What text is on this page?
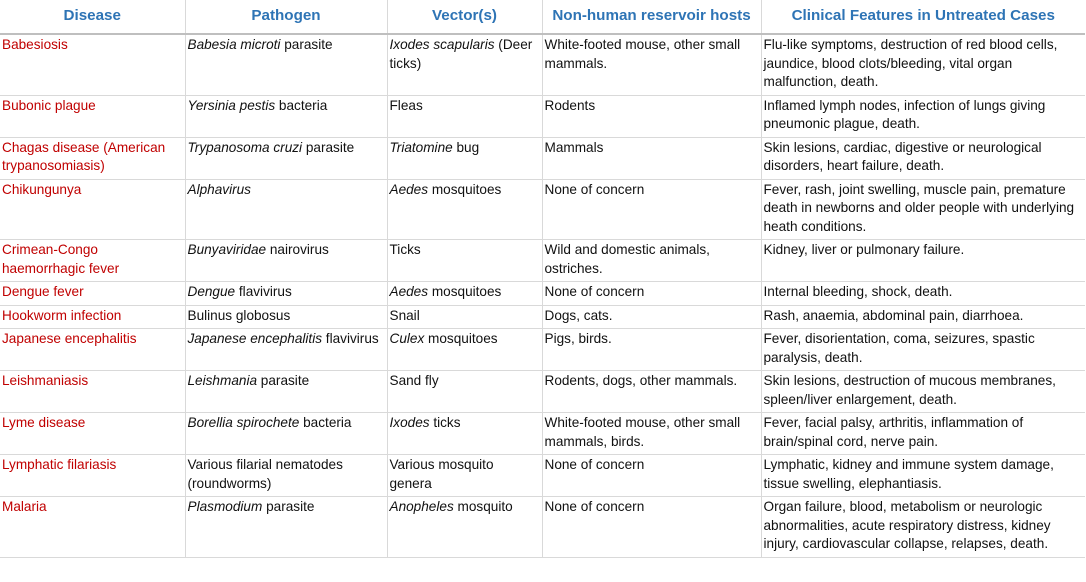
Disease	Pathogen	Vector(s)	Non-human reservoir hosts	Clinical Features in Untreated Cases
Babesiosis	Babesia microti parasite	Ixodes scapularis (Deer ticks)	White-footed mouse, other small mammals.	Flu-like symptoms, destruction of red blood cells, jaundice, blood clots/bleeding, vital organ malfunction, death.
Bubonic plague	Yersinia pestis bacteria	Fleas	Rodents	Inflamed lymph nodes, infection of lungs giving pneumonic plague, death.
Chagas disease (American trypanosomiasis)	Trypanosoma cruzi parasite	Triatomine bug	Mammals	Skin lesions, cardiac, digestive or neurological disorders, heart failure, death.
Chikungunya	Alphavirus	Aedes mosquitoes	None of concern	Fever, rash, joint swelling, muscle pain, premature death in newborns and older people with underlying heath conditions.
Crimean-Congo haemorrhagic fever	Bunyaviridae nairovirus	Ticks	Wild and domestic animals, ostriches.	Kidney, liver or pulmonary failure.
Dengue fever	Dengue flavivirus	Aedes mosquitoes	None of concern	Internal bleeding, shock, death.
Hookworm infection	Bulinus globosus	Snail	Dogs, cats.	Rash, anaemia, abdominal pain, diarrhoea.
Japanese encephalitis	Japanese encephalitis flavivirus	Culex mosquitoes	Pigs, birds.	Fever, disorientation, coma, seizures, spastic paralysis, death.
Leishmaniasis	Leishmania parasite	Sand fly	Rodents, dogs, other mammals.	Skin lesions, destruction of mucous membranes, spleen/liver enlargement, death.
Lyme disease	Borellia spirochete bacteria	Ixodes ticks	White-footed mouse, other small mammals, birds.	Fever, facial palsy, arthritis, inflammation of brain/spinal cord, nerve pain.
Lymphatic filariasis	Various filarial nematodes (roundworms)	Various mosquito genera	None of concern	Lymphatic, kidney and immune system damage, tissue swelling, elephantiasis.
Malaria	Plasmodium parasite	Anopheles mosquito	None of concern	Organ failure, blood, metabolism or neurologic abnormalities, acute respiratory distress, kidney injury, cardiovascular collapse, relapses, death.
